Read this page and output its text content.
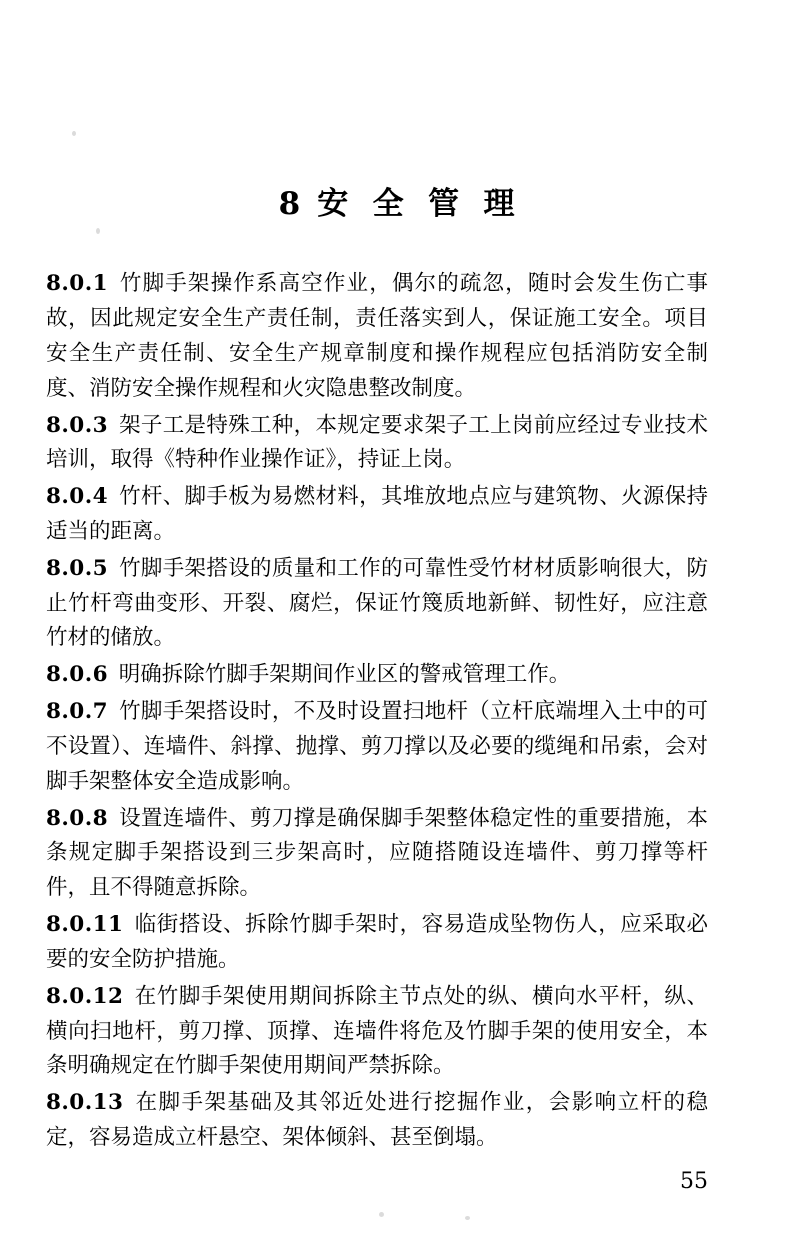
8安 全 管 理

8.0.1 竹脚手架操作系高空作业，偶尔的疏忽，随时会发生伤亡事故，因此规定安全生产责任制，责任落实到人，保证施工安全。项目安全生产责任制、安全生产规章制度和操作规程应包括消防安全制度、消防安全操作规程和火灾隐患整改制度。

8.0.3 架子工是特殊工种，本规定要求架子工上岗前应经过专业技术培训，取得《特种作业操作证》，持证上岗。

8.0.4 竹杆、脚手板为易燃材料，其堆放地点应与建筑物、火源保持适当的距离。

8.0.5 竹脚手架搭设的质量和工作的可靠性受竹材材质影响很大，防止竹杆弯曲变形、开裂、腐烂，保证竹篾质地新鲜、韧性好，应注意竹材的储放。

8.0.6 明确拆除竹脚手架期间作业区的警戒管理工作。

8.0.7 竹脚手架搭设时，不及时设置扫地杆（立杆底端埋入土中的可不设置）、连墙件、斜撑、抛撑、剪刀撑以及必要的缆绳和吊索，会对脚手架整体安全造成影响。

8.0.8 设置连墙件、剪刀撑是确保脚手架整体稳定性的重要措施，本条规定脚手架搭设到三步架高时，应随搭随设连墙件、剪刀撑等杆件，且不得随意拆除。

8.0.11 临街搭设、拆除竹脚手架时，容易造成坠物伤人，应采取必要的安全防护措施。

8.0.12 在竹脚手架使用期间拆除主节点处的纵、横向水平杆，纵、横向扫地杆，剪刀撑、顶撑、连墙件将危及竹脚手架的使用安全，本条明确规定在竹脚手架使用期间严禁拆除。

8.0.13 在脚手架基础及其邻近处进行挖掘作业，会影响立杆的稳定，容易造成立杆悬空、架体倾斜、甚至倒塌。

55
